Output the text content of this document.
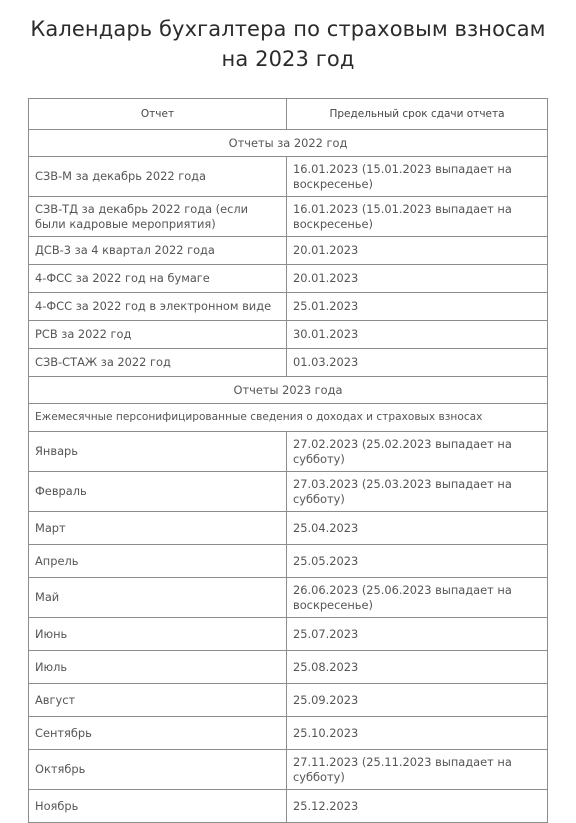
Календарь бухгалтера по страховым взносам
на 2023 год
Отчет	Предельный срок сдачи отчета
Отчеты за 2022 год	
СЗВ-М за декабрь 2022 года	16.01.2023 (15.01.2023 выпадает на воскресенье)
СЗВ-ТД за декабрь 2022 года (если были кадровые мероприятия)	16.01.2023 (15.01.2023 выпадает на воскресенье)
ДСВ-3 за 4 квартал 2022 года	20.01.2023
4-ФСС за 2022 год на бумаге	20.01.2023
4-ФСС за 2022 год в электронном виде	25.01.2023
РСВ за 2022 год	30.01.2023
СЗВ-СТАЖ за 2022 год	01.03.2023
Отчеты 2023 года	
Ежемесячные персонифицированные сведения о доходах и страховых взносах	
Январь	27.02.2023 (25.02.2023 выпадает на субботу)
Февраль	27.03.2023 (25.03.2023 выпадает на субботу)
Март	25.04.2023
Апрель	25.05.2023
Май	26.06.2023 (25.06.2023 выпадает на воскресенье)
Июнь	25.07.2023
Июль	25.08.2023
Август	25.09.2023
Сентябрь	25.10.2023
Октябрь	27.11.2023 (25.11.2023 выпадает на субботу)
Ноябрь	25.12.2023
